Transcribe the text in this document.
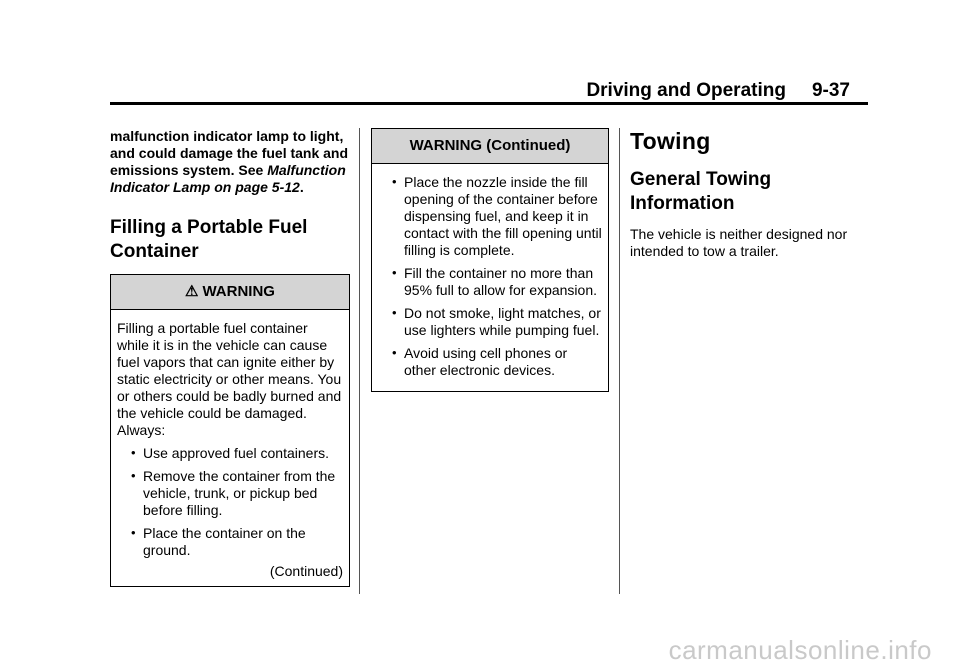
Driving and Operating 9-37

malfunction indicator lamp to light, and could damage the fuel tank and emissions system. See Malfunction Indicator Lamp on page 5-12.

Filling a Portable Fuel Container
⚠ WARNING

Filling a portable fuel container while it is in the vehicle can cause fuel vapors that can ignite either by static electricity or other means. You or others could be badly burned and the vehicle could be damaged. Always:

• Use approved fuel containers.
• Remove the container from the vehicle, trunk, or pickup bed before filling.
• Place the container on the ground.
(Continued)
WARNING (Continued)
• Place the nozzle inside the fill opening of the container before dispensing fuel, and keep it in contact with the fill opening until filling is complete.
• Fill the container no more than 95% full to allow for expansion.
• Do not smoke, light matches, or use lighters while pumping fuel.
• Avoid using cell phones or other electronic devices.
Towing
General Towing Information

The vehicle is neither designed nor intended to tow a trailer.

carmanualsonline.info
